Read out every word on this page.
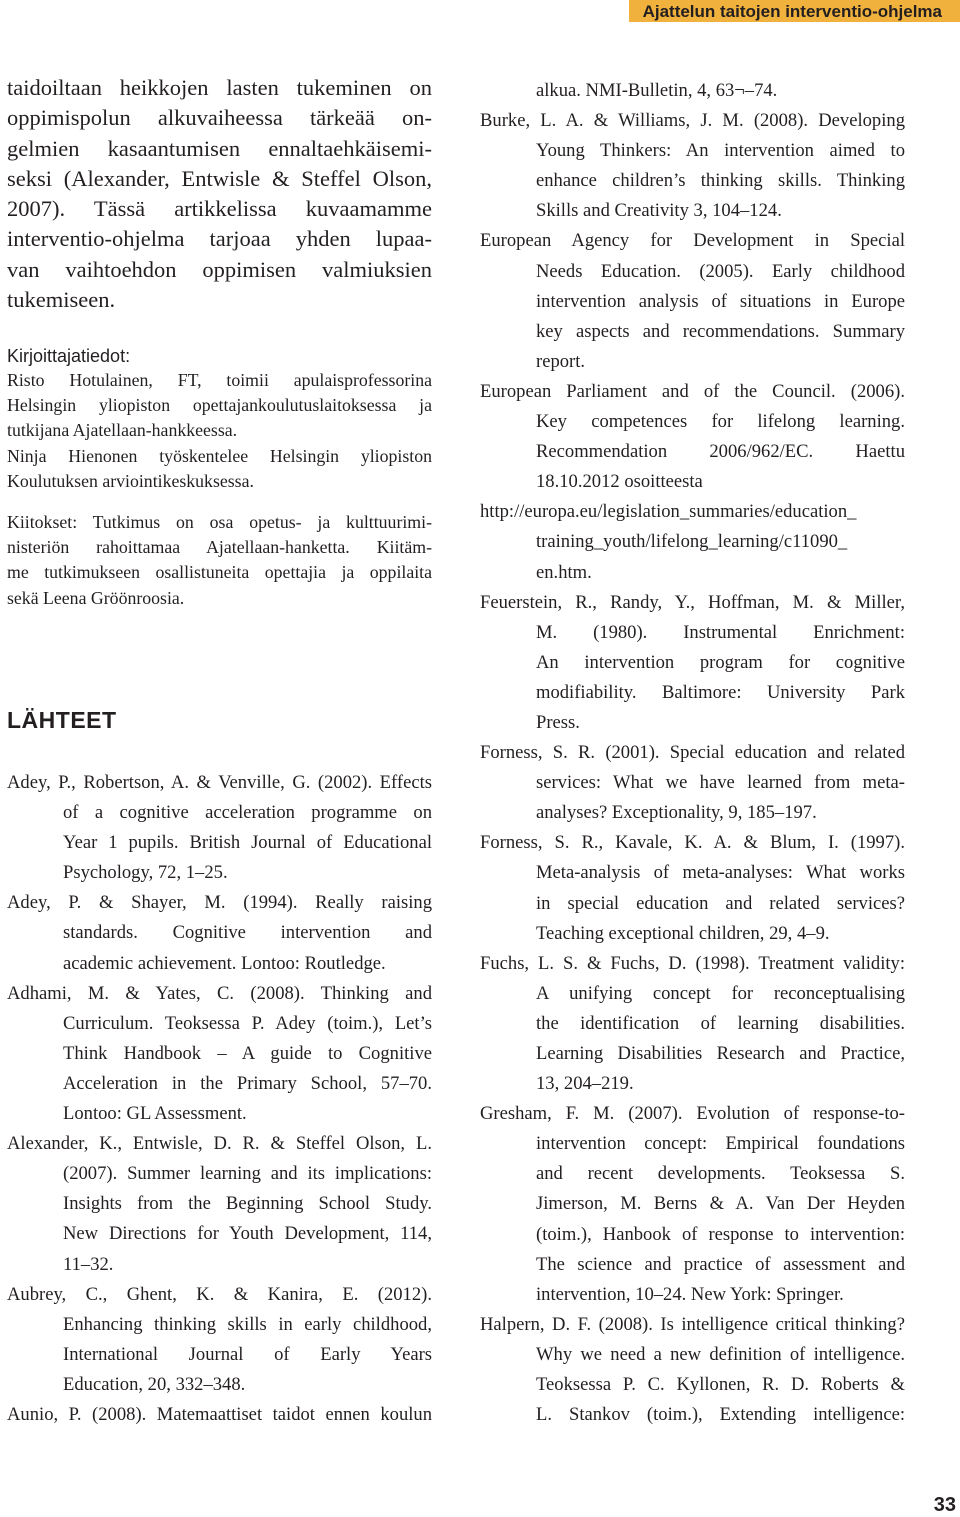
Ajattelun taitojen interventio-ohjelma
taidoiltaan heikkojen lasten tukeminen on
oppimispolun alkuvaiheessa tärkeää on-
gelmien kasaantumisen ennaltaehkäisemi-
seksi (Alexander, Entwisle & Steffel Olson,
2007). Tässä artikkelissa kuvaamamme
interventio-ohjelma tarjoaa yhden lupaa-
van vaihtoehdon oppimisen valmiuksien
tukemiseen.
Kirjoittajatiedot:
Risto Hotulainen, FT, toimii apulaisprofessorina
Helsingin yliopiston opettajankoulutuslaitoksessa ja
tutkijana Ajatellaan-hankkeessa.
Ninja Hienonen työskentelee Helsingin yliopiston
Koulutuksen arviointikeskuksessa.
Kiitokset: Tutkimus on osa opetus- ja kulttuurimi-
nisteriön rahoittamaa Ajatellaan-hanketta. Kiitäm-
me tutkimukseen osallistuneita opettajia ja oppilaita
sekä Leena Gröönroosia.
LÄHTEET
Adey, P., Robertson, A. & Venville, G. (2002). Effects
of a cognitive acceleration programme on
Year 1 pupils. British Journal of Educational
Psychology, 72, 1–25.
Adey, P. & Shayer, M. (1994). Really raising
standards. Cognitive intervention and
academic achievement. Lontoo: Routledge.
Adhami, M. & Yates, C. (2008). Thinking and
Curriculum. Teoksessa P. Adey (toim.), Let’s
Think Handbook – A guide to Cognitive
Acceleration in the Primary School, 57–70.
Lontoo: GL Assessment.
Alexander, K., Entwisle, D. R. & Steffel Olson, L.
(2007). Summer learning and its implications:
Insights from the Beginning School Study.
New Directions for Youth Development, 114,
11–32.
Aubrey, C., Ghent, K. & Kanira, E. (2012).
Enhancing thinking skills in early childhood,
International Journal of Early Years
Education, 20, 332–348.
Aunio, P. (2008). Matemaattiset taidot ennen koulun
alkua. NMI-Bulletin, 4, 63¬–74.
Burke, L. A. & Williams, J. M. (2008). Developing
Young Thinkers: An intervention aimed to
enhance children’s thinking skills. Thinking
Skills and Creativity 3, 104–124.
European Agency for Development in Special
Needs Education. (2005). Early childhood
intervention analysis of situations in Europe
key aspects and recommendations. Summary
report.
European Parliament and of the Council. (2006).
Key competences for lifelong learning.
Recommendation 2006/962/EC. Haettu
18.10.2012 osoitteesta
http://europa.eu/legislation_summaries/education_
training_youth/lifelong_learning/c11090_
en.htm.
Feuerstein, R., Randy, Y., Hoffman, M. & Miller,
M. (1980). Instrumental Enrichment:
An intervention program for cognitive
modifiability. Baltimore: University Park
Press.
Forness, S. R. (2001). Special education and related
services: What we have learned from meta-
analyses? Exceptionality, 9, 185–197.
Forness, S. R., Kavale, K. A. & Blum, I. (1997).
Meta-analysis of meta-analyses: What works
in special education and related services?
Teaching exceptional children, 29, 4–9.
Fuchs, L. S. & Fuchs, D. (1998). Treatment validity:
A unifying concept for reconceptualising
the identification of learning disabilities.
Learning Disabilities Research and Practice,
13, 204–219.
Gresham, F. M. (2007). Evolution of response-to-
intervention concept: Empirical foundations
and recent developments. Teoksessa S.
Jimerson, M. Berns & A. Van Der Heyden
(toim.), Hanbook of response to intervention:
The science and practice of assessment and
intervention, 10–24. New York: Springer.
Halpern, D. F. (2008). Is intelligence critical thinking?
Why we need a new definition of intelligence.
Teoksessa P. C. Kyllonen, R. D. Roberts &
L. Stankov (toim.), Extending intelligence:
33
